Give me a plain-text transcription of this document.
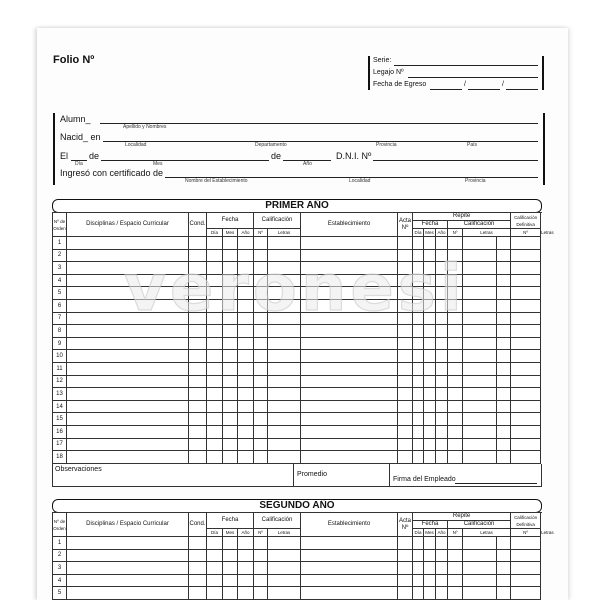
Folio Nº	Serie:
Legajo Nº
Fecha de Egreso	/	/
Alumn_
Apellido y Nombres
Nacid_ en
Localidad	Departamento	Provincia	País
El de	de	D.N.I. Nº
Día	Mes	Año
Ingresó con certificado de
Nombre del Establecimiento	Localidad	Provincia
PRIMER AÑO
Nº de Orden	Disciplinas / Espacio Curricular	Cond.	Fecha			Calificación		Establecimiento	Acta Nº	Repite						Calificación Definitiva	
										Fecha			Calificación				
			Día	Mes	Año	Nº	Letras			Día	Mes	Año	Nº	Letras		Nº	
1																	
2																	
3																	
4																	
5																	
6																	
7																	
8																	
9																	
10																	
11																	
12																	
13																	
14																	
15																	
16																	
17																	
18																	
Observaciones
Promedio
Firma del Empleado
SEGUNDO AÑO
Nº de Orden	Disciplinas / Espacio Curricular	Cond.	Fecha			Calificación		Establecimiento	Acta Nº	Repite						Calificación Definitiva	
										Fecha			Calificación				
			Día	Mes	Año	Nº	Letras			Día	Mes	Año	Nº	Letras		Nº	
1																	
2																	
3																	
4																	
5																	
veronesi
